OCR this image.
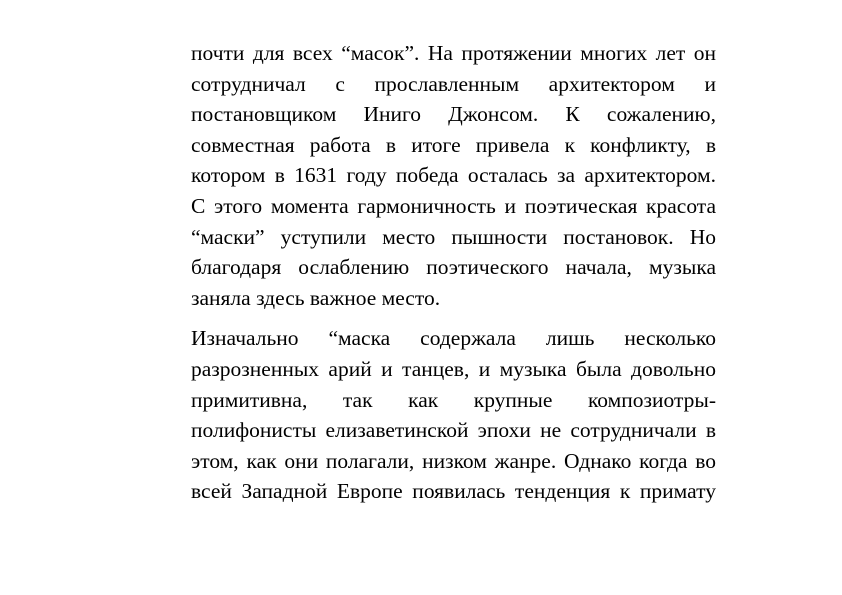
почти для всех “масок”. На протяжении многих лет он
сотрудничал с прославленным архитектором и
постановщиком Иниго Джонсом. К сожалению,
совместная работа в итоге привела к конфликту, в
котором в 1631 году победа осталась за архитектором.
С этого момента гармоничность и поэтическая красота
“маски” уступили место пышности постановок. Но
благодаря ослаблению поэтического начала, музыка
заняла здесь важное место.

Изначально “маска содержала лишь несколько
разрозненных арий и танцев, и музыка была довольно
примитивна, так как крупные композиотры-
полифонисты елизаветинской эпохи не сотрудничали в
этом, как они полагали, низком жанре. Однако когда во
всей Западной Европе появилась тенденция к примату
